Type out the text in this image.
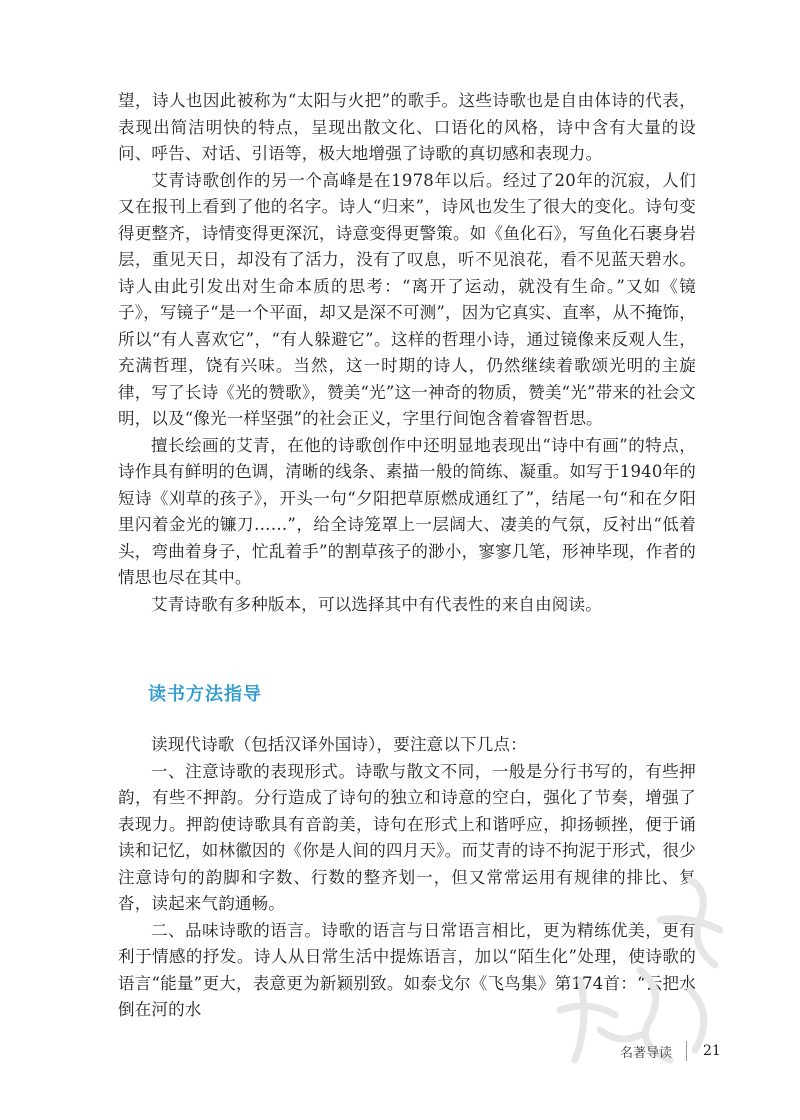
望，诗人也因此被称为“太阳与火把”的歌手。这些诗歌也是自由体诗的代表，表现出简洁明快的特点，呈现出散文化、口语化的风格，诗中含有大量的设问、呼告、对话、引语等，极大地增强了诗歌的真切感和表现力。

艾青诗歌创作的另一个高峰是在1978年以后。经过了20年的沉寂，人们又在报刊上看到了他的名字。诗人“归来”，诗风也发生了很大的变化。诗句变得更整齐，诗情变得更深沉，诗意变得更警策。如《鱼化石》，写鱼化石裹身岩层，重见天日，却没有了活力，没有了叹息，听不见浪花，看不见蓝天碧水。诗人由此引发出对生命本质的思考：“离开了运动，就没有生命。”又如《镜子》，写镜子“是一个平面，却又是深不可测”，因为它真实、直率，从不掩饰，所以“有人喜欢它”，“有人躲避它”。这样的哲理小诗，通过镜像来反观人生，充满哲理，饶有兴味。当然，这一时期的诗人，仍然继续着歌颂光明的主旋律，写了长诗《光的赞歌》，赞美“光”这一神奇的物质，赞美“光”带来的社会文明，以及“像光一样坚强”的社会正义，字里行间饱含着睿智哲思。

擅长绘画的艾青，在他的诗歌创作中还明显地表现出“诗中有画”的特点，诗作具有鲜明的色调，清晰的线条、素描一般的简练、凝重。如写于1940年的短诗《刈草的孩子》，开头一句“夕阳把草原燃成通红了”，结尾一句“和在夕阳里闪着金光的镰刀……”，给全诗笼罩上一层阔大、凄美的气氛，反衬出“低着头，弯曲着身子，忙乱着手”的割草孩子的渺小，寥寥几笔，形神毕现，作者的情思也尽在其中。

艾青诗歌有多种版本，可以选择其中有代表性的来自由阅读。

读书方法指导

读现代诗歌（包括汉译外国诗），要注意以下几点：

一、注意诗歌的表现形式。诗歌与散文不同，一般是分行书写的，有些押韵，有些不押韵。分行造成了诗句的独立和诗意的空白，强化了节奏，增强了表现力。押韵使诗歌具有音韵美，诗句在形式上和谐呼应，抑扬顿挫，便于诵读和记忆，如林徽因的《你是人间的四月天》。而艾青的诗不拘泥于形式，很少注意诗句的韵脚和字数、行数的整齐划一，但又常常运用有规律的排比、复沓，读起来气韵通畅。

二、品味诗歌的语言。诗歌的语言与日常语言相比，更为精练优美，更有利于情感的抒发。诗人从日常生活中提炼语言，加以“陌生化”处理，使诗歌的语言“能量”更大，表意更为新颖别致。如泰戈尔《飞鸟集》第174首：“云把水倒在河的水

名著导读 21
